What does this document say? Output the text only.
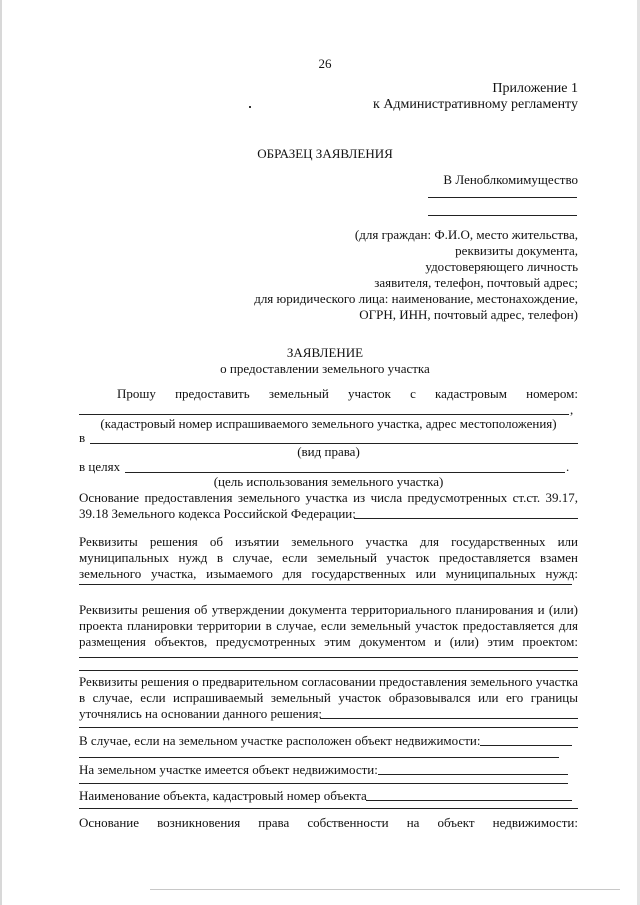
26
Приложение 1
к Административному регламенту
ОБРАЗЕЦ ЗАЯВЛЕНИЯ
В Леноблкомимущество
(для граждан: Ф.И.О, место жительства,
реквизиты документа,
удостоверяющего личность
заявителя, телефон, почтовый адрес;
для юридического лица: наименование, местонахождение,
ОГРН, ИНН, почтовый адрес, телефон)
ЗАЯВЛЕНИЕ
о предоставлении земельного участка
Прошу предоставить земельный участок с кадастровым номером:
,
(кадастровый номер испрашиваемого земельного участка, адрес местоположения)
в
(вид права)
в целях	.
(цель использования земельного участка)
Основание предоставления земельного участка из числа предусмотренных ст.ст. 39.17,
39.18 Земельного кодекса Российской Федерации:
Реквизиты решения об изъятии земельного участка для государственных или
муниципальных нужд в случае, если земельный участок предоставляется взамен
земельного участка, изымаемого для государственных или муниципальных нужд:
Реквизиты решения об утверждении документа территориального планирования и (или)
проекта планировки территории в случае, если земельный участок предоставляется для
размещения объектов, предусмотренных этим документом и (или) этим проектом:
Реквизиты решения о предварительном согласовании предоставления земельного участка
в случае, если испрашиваемый земельный участок образовывался или его границы
уточнялись на основании данного решения:
В случае, если на земельном участке расположен объект недвижимости:
На земельном участке имеется объект недвижимости:
Наименование объекта, кадастровый номер объекта
Основание возникновения права собственности на объект недвижимости:
